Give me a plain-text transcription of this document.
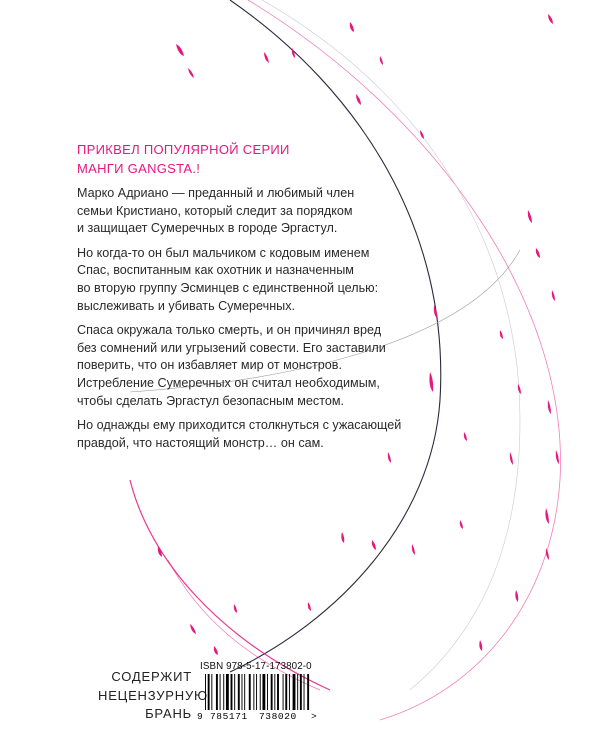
ПРИКВЕЛ ПОПУЛЯРНОЙ СЕРИИ
МАНГИ GANGSTA.!

Марко Адриано — преданный и любимый член
семьи Кристиано, который следит за порядком
и защищает Сумеречных в городе Эргастул.

Но когда-то он был мальчиком с кодовым именем
Спас, воспитанным как охотник и назначенным
во вторую группу Эсминцев с единственной целью:
выслеживать и убивать Сумеречных.

Спаса окружала только смерть, и он причинял вред
без сомнений или угрызений совести. Его заставили
поверить, что он избавляет мир от монстров.
Истребление Сумеречных он считал необходимым,
чтобы сделать Эргастул безопасным местом.

Но однажды ему приходится столкнуться с ужасающей
правдой, что настоящий монстр… он сам.

СОДЕРЖИТ
НЕЦЕНЗУРНУЮ
БРАНЬ
ISBN 978-5-17-173802-0
9 785171 738020 >
